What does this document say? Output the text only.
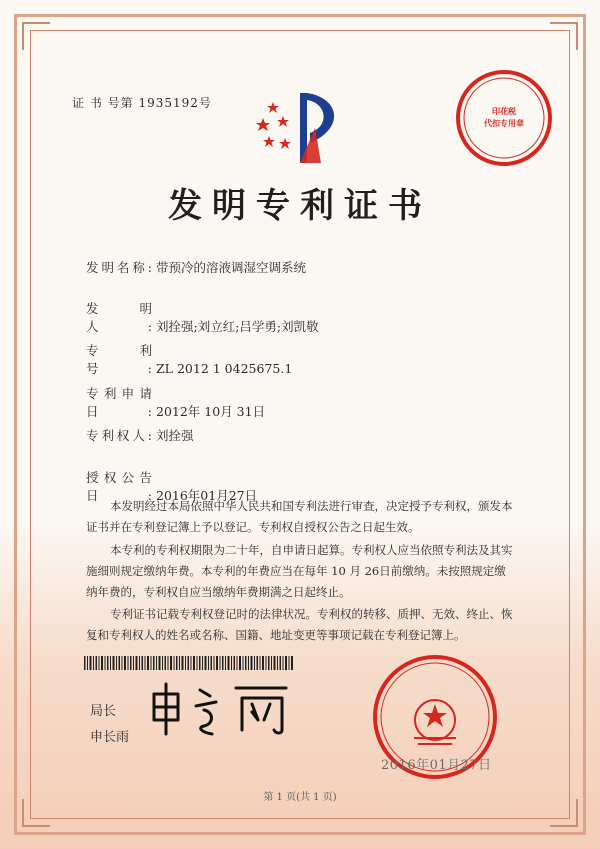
证 书 号第 1935192号
印花税
代扣专用章
发明专利证书
发明名称: 带预冷的溶液调湿空调系统
发　明　人: 刘拴强;刘立红;吕学勇;刘凯敬
专　利　号: ZL 2012 1 0425675.1
专利申请日: 2012年 10月 31日
专利权人: 刘拴强
授权公告日: 2016年01月27日
本发明经过本局依照中华人民共和国专利法进行审查，决定授予专利权，颁发本证书并在专利登记簿上予以登记。专利权自授权公告之日起生效。
本专利的专利权期限为二十年，自申请日起算。专利权人应当依照专利法及其实施细则规定缴纳年费。本专利的年费应当在每年 10 月 26日前缴纳。未按照规定缴纳年费的，专利权自应当缴纳年费期满之日起终止。
专利证书记载专利权登记时的法律状况。专利权的转移、质押、无效、终止、恢复和专利权人的姓名或名称、国籍、地址变更等事项记载在专利登记簿上。
局长
申长雨
2016年01月27日
第 1 页(共 1 页)
